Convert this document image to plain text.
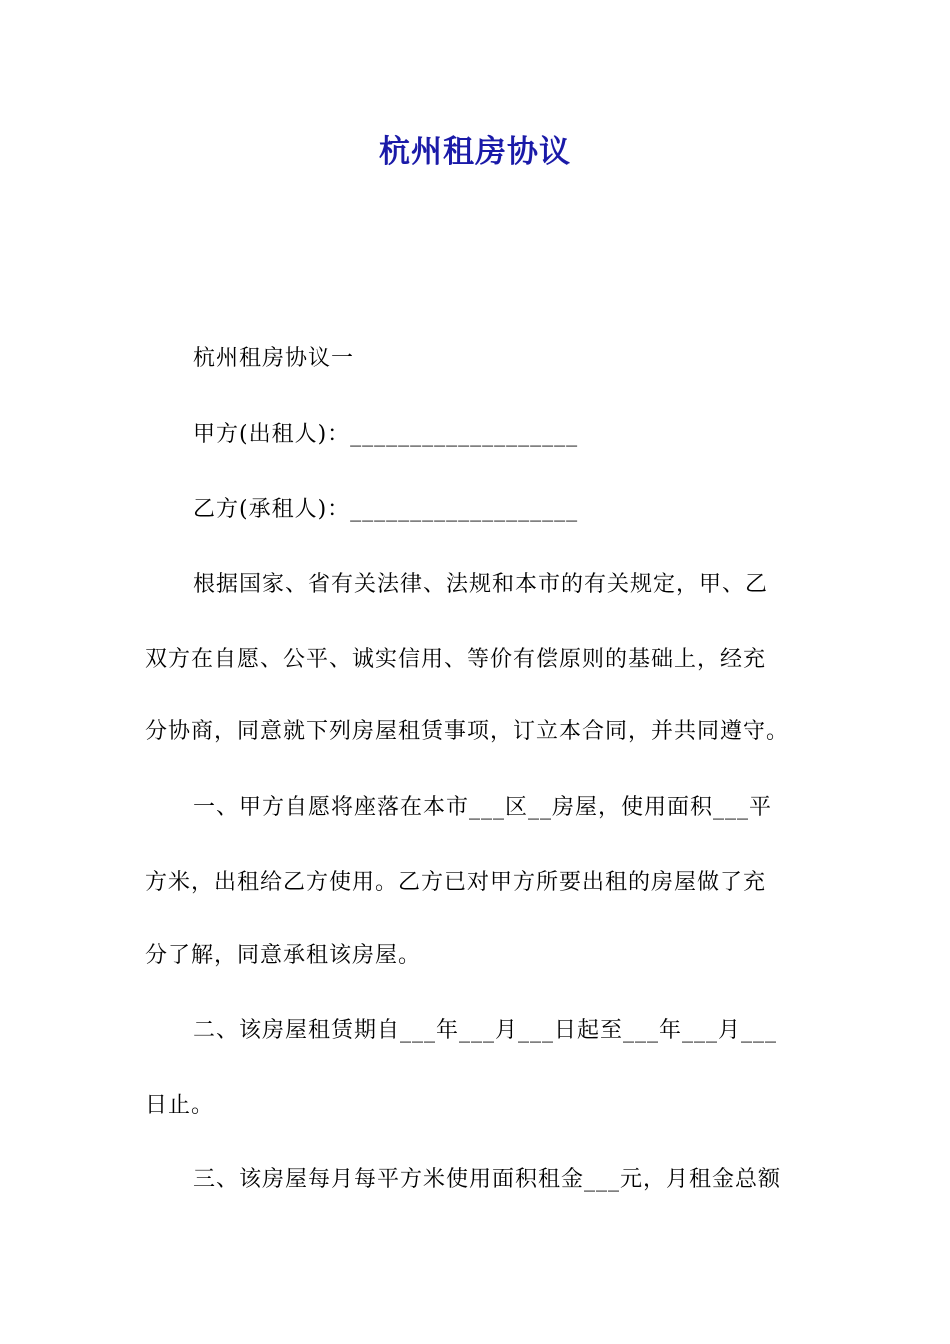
杭州租房协议
杭州租房协议一
甲方(出租人)：___________________
乙方(承租人)：___________________
根据国家、省有关法律、法规和本市的有关规定，甲、乙
双方在自愿、公平、诚实信用、等价有偿原则的基础上，经充
分协商，同意就下列房屋租赁事项，订立本合同，并共同遵守。
一、甲方自愿将座落在本市___区__房屋，使用面积___平
方米，出租给乙方使用。乙方已对甲方所要出租的房屋做了充
分了解，同意承租该房屋。
二、该房屋租赁期自___年___月___日起至___年___月___
日止。
三、该房屋每月每平方米使用面积租金___元，月租金总额
